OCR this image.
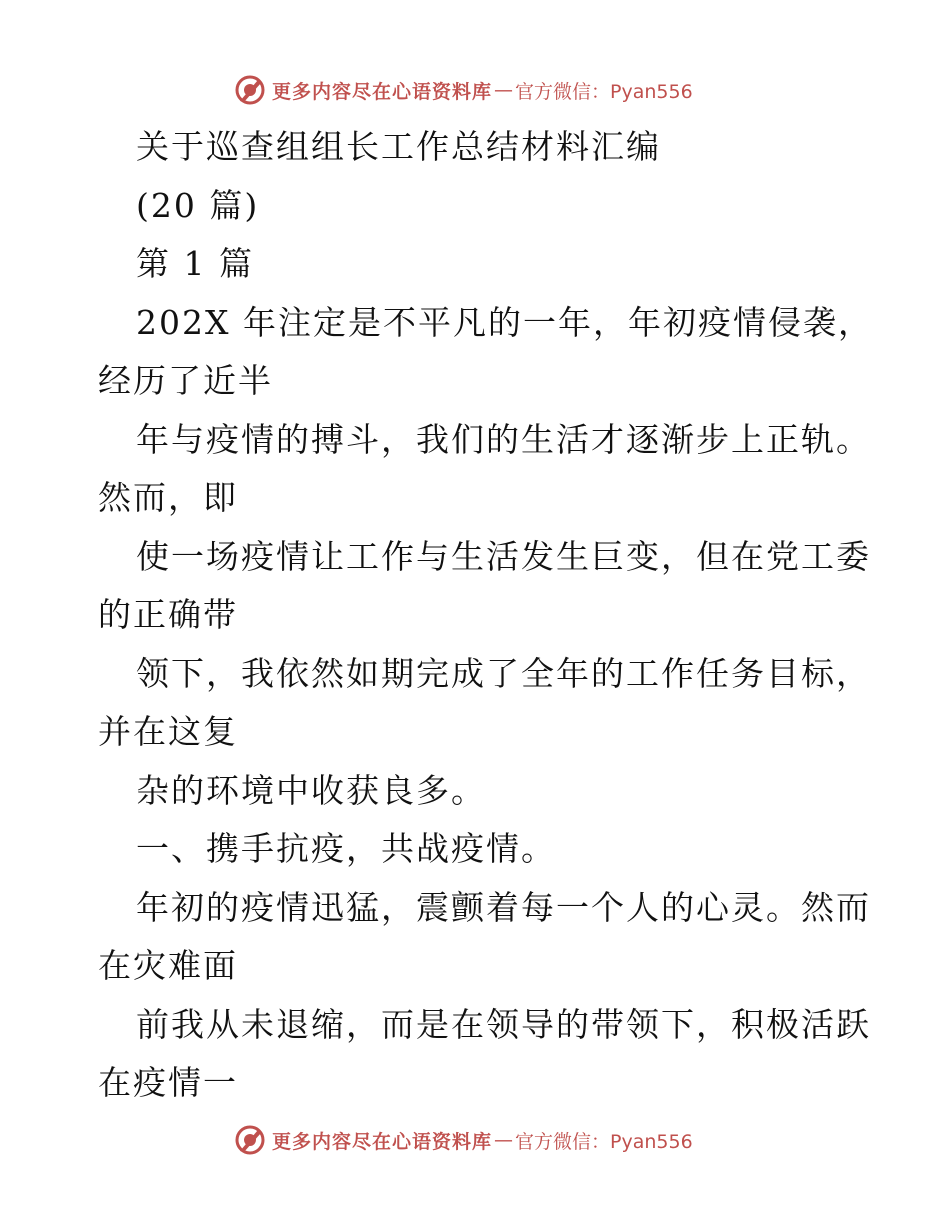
更多内容尽在心语资料库 — 官方微信：Pyan556
关于巡查组组长工作总结材料汇编
(20 篇)
第 1 篇
202X 年注定是不平凡的一年，年初疫情侵袭，
经历了近半
年与疫情的搏斗，我们的生活才逐渐步上正轨。
然而，即
使一场疫情让工作与生活发生巨变，但在党工委
的正确带
领下，我依然如期完成了全年的工作任务目标，
并在这复
杂的环境中收获良多。
一、携手抗疫，共战疫情。
年初的疫情迅猛，震颤着每一个人的心灵。然而
在灾难面
前我从未退缩，而是在领导的带领下，积极活跃
在疫情一
更多内容尽在心语资料库 — 官方微信：Pyan556
